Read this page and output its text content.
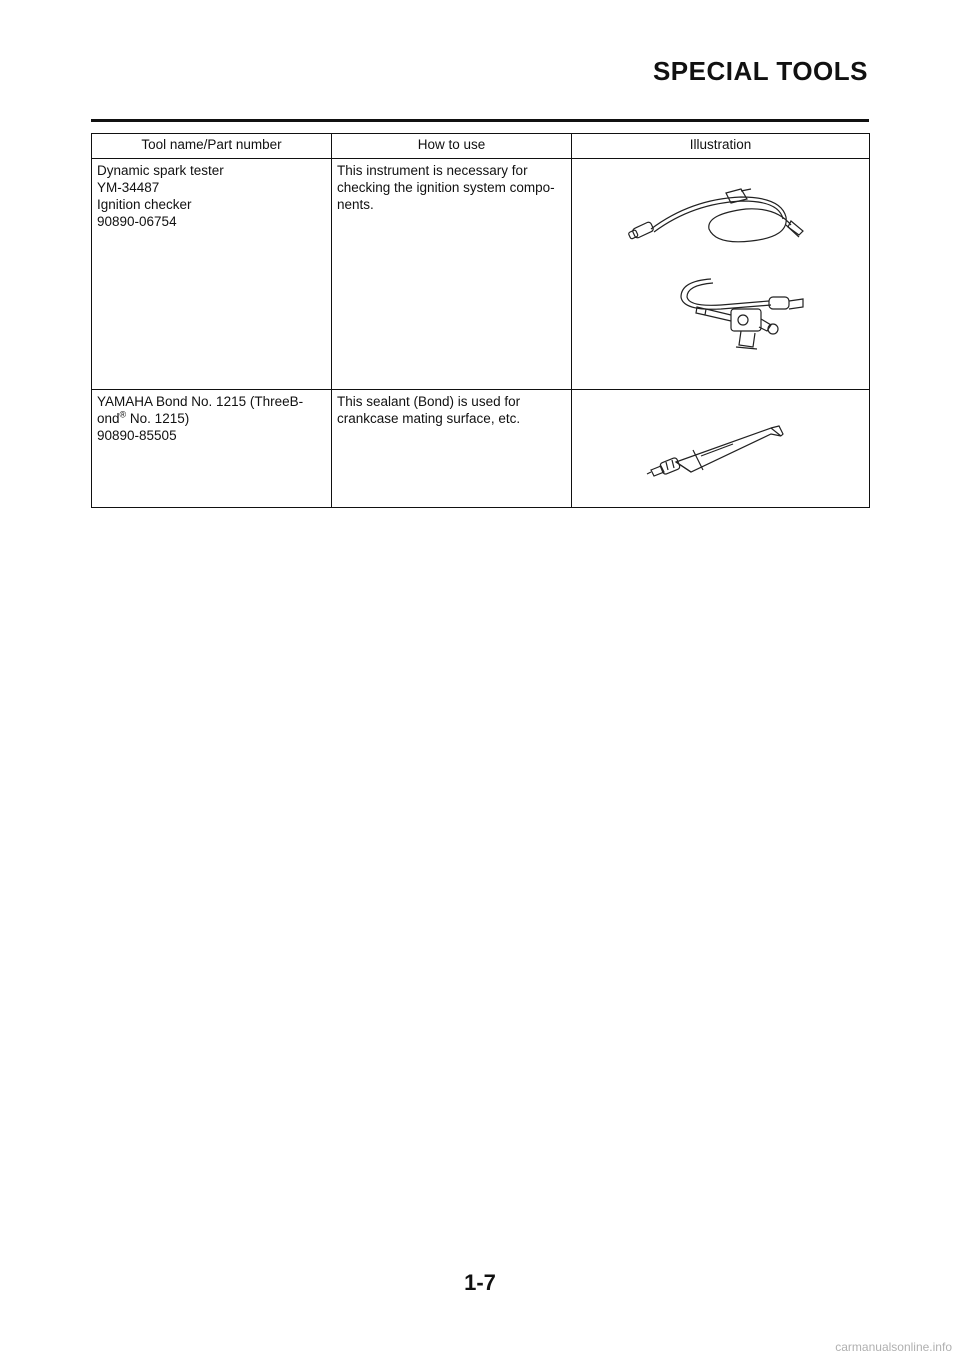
SPECIAL TOOLS
Tool name/Part number	How to use	Illustration

Dynamic spark tester
YM-34487
Ignition checker
90890-06754	This instrument is necessary for
checking the ignition system compo-
nents.

YAMAHA Bond No. 1215 (ThreeB-
ond® No. 1215)
90890-85505	This sealant (Bond) is used for
crankcase mating surface, etc.

1-7

carmanualsonline.info
